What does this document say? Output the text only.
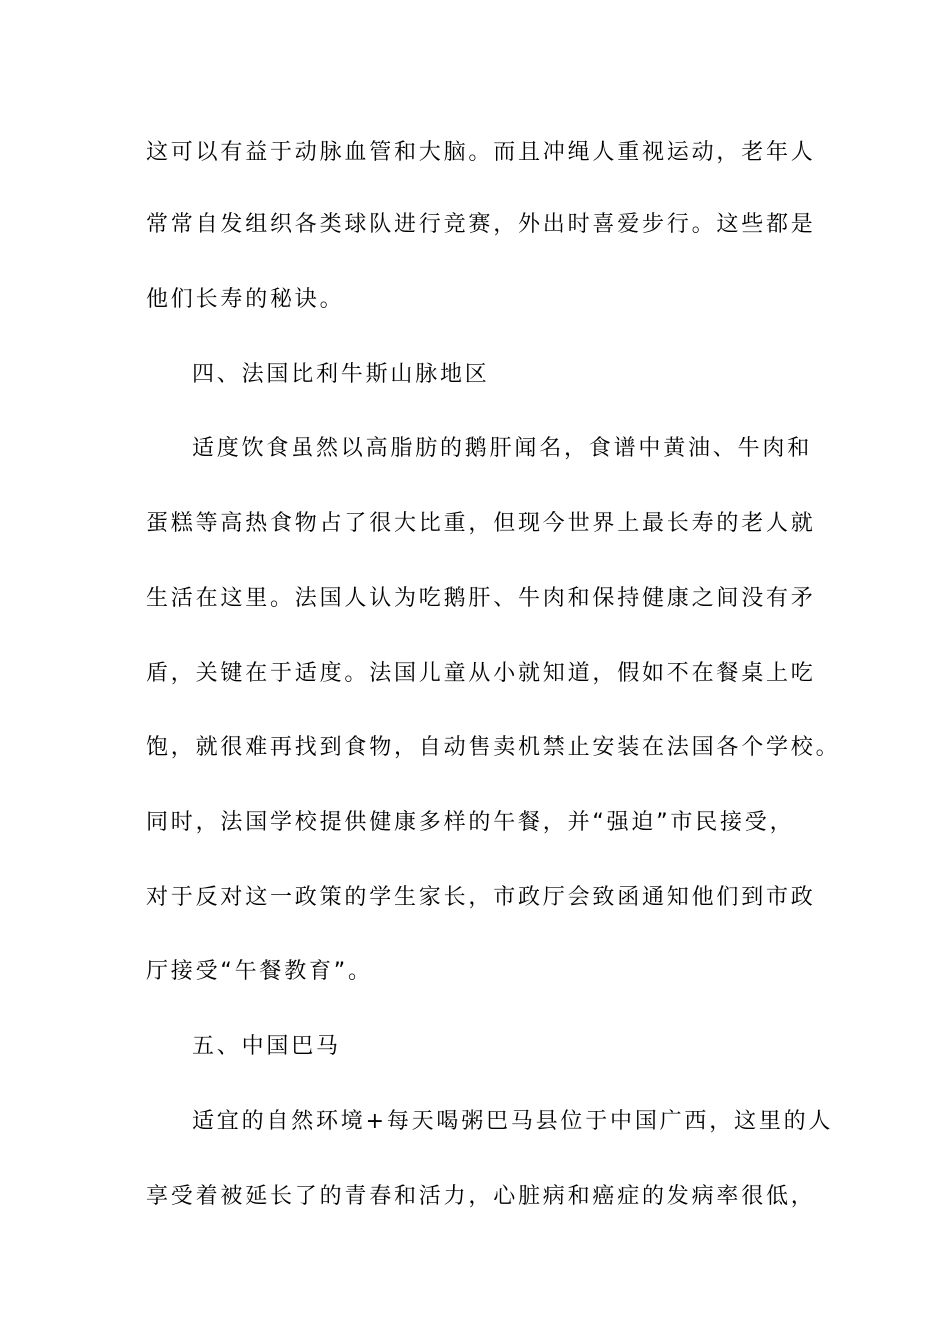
这可以有益于动脉血管和大脑。而且冲绳人重视运动，老年人
常常自发组织各类球队进行竞赛，外出时喜爱步行。这些都是
他们长寿的秘诀。
四、法国比利牛斯山脉地区
适度饮食虽然以高脂肪的鹅肝闻名，食谱中黄油、牛肉和
蛋糕等高热食物占了很大比重，但现今世界上最长寿的老人就
生活在这里。法国人认为吃鹅肝、牛肉和保持健康之间没有矛
盾，关键在于适度。法国儿童从小就知道，假如不在餐桌上吃
饱，就很难再找到食物，自动售卖机禁止安装在法国各个学校。
同时，法国学校提供健康多样的午餐，并“强迫”市民接受，
对于反对这一政策的学生家长，市政厅会致函通知他们到市政
厅接受“午餐教育”。
五、中国巴马
适宜的自然环境+每天喝粥巴马县位于中国广西，这里的人
享受着被延长了的青春和活力，心脏病和癌症的发病率很低，
